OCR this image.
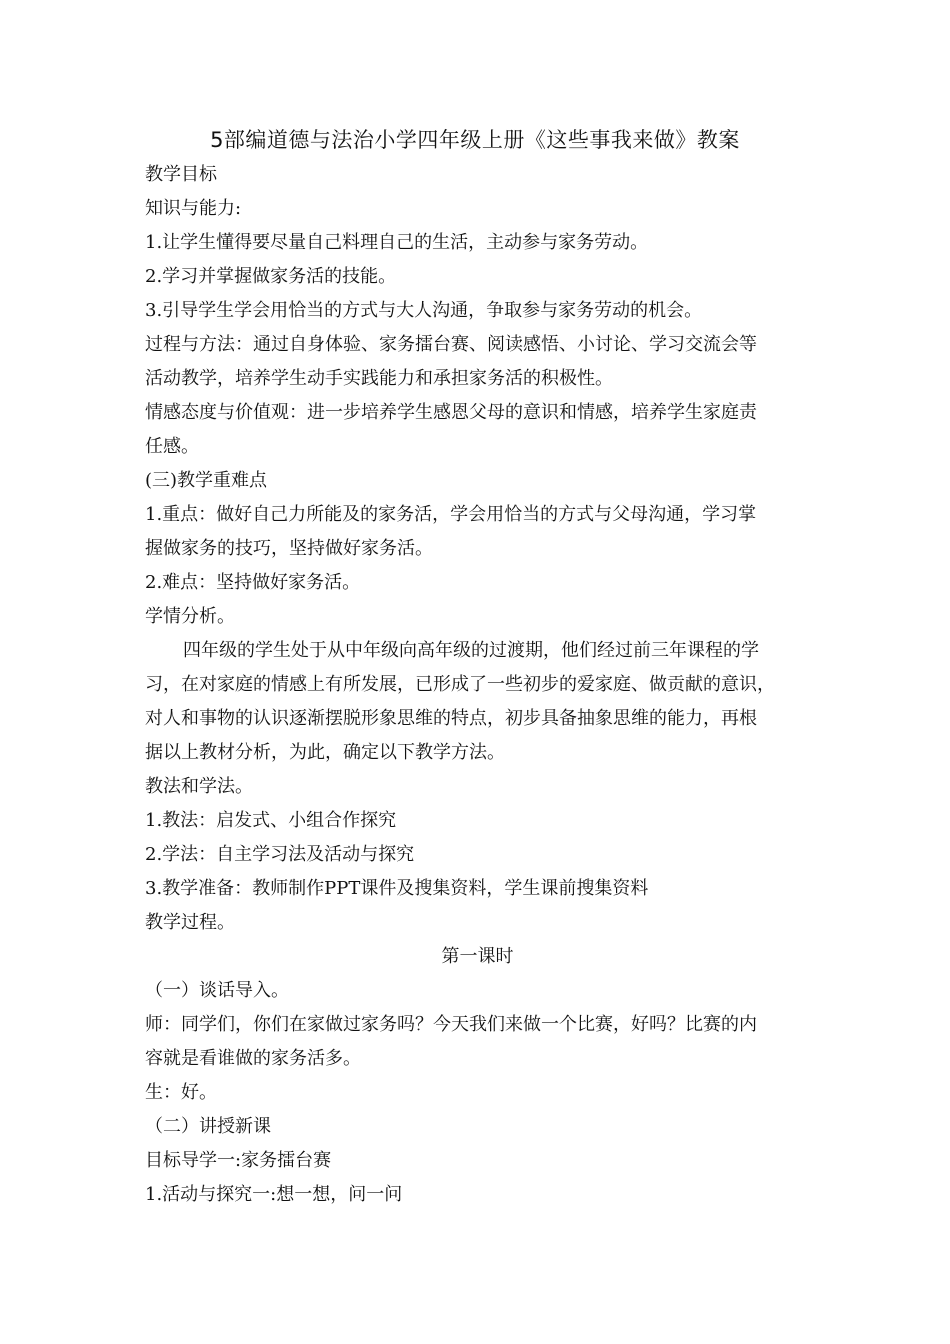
5部编道德与法治小学四年级上册《这些事我来做》教案
教学目标
知识与能力:
1.让学生懂得要尽量自己料理自己的生活，主动参与家务劳动。
2.学习并掌握做家务活的技能。
3.引导学生学会用恰当的方式与大人沟通，争取参与家务劳动的机会。
过程与方法：通过自身体验、家务擂台赛、阅读感悟、小讨论、学习交流会等
活动教学，培养学生动手实践能力和承担家务活的积极性。
情感态度与价值观：进一步培养学生感恩父母的意识和情感，培养学生家庭责
任感。
(三)教学重难点
1.重点：做好自己力所能及的家务活，学会用恰当的方式与父母沟通，学习掌
握做家务的技巧，坚持做好家务活。
2.难点：坚持做好家务活。
学情分析。
四年级的学生处于从中年级向高年级的过渡期，他们经过前三年课程的学
习，在对家庭的情感上有所发展，已形成了一些初步的爱家庭、做贡献的意识，
对人和事物的认识逐渐摆脱形象思维的特点，初步具备抽象思维的能力，再根
据以上教材分析，为此，确定以下教学方法。
教法和学法。
1.教法：启发式、小组合作探究
2.学法：自主学习法及活动与探究
3.教学准备：教师制作PPT课件及搜集资料，学生课前搜集资料
教学过程。
第一课时
（一）谈话导入。
师：同学们，你们在家做过家务吗？今天我们来做一个比赛，好吗？比赛的内
容就是看谁做的家务活多。
生：好。
（二）讲授新课
目标导学一:家务擂台赛
1.活动与探究一:想一想，问一问
